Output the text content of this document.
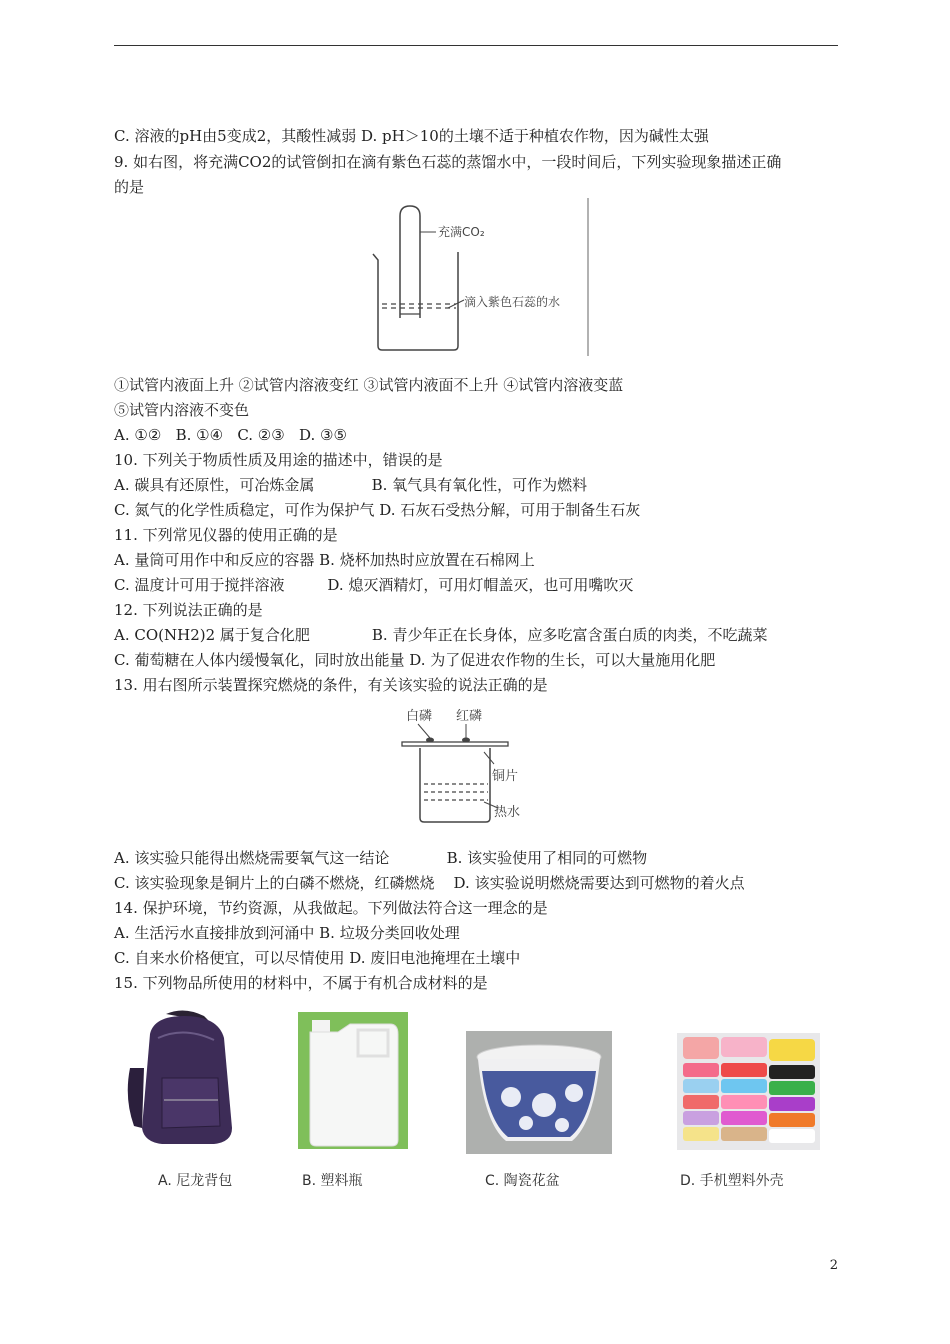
C. 溶液的pH由5变成2，其酸性减弱 D. pH＞10的土壤不适于种植农作物，因为碱性太强
9. 如右图，将充满CO2的试管倒扣在滴有紫色石蕊的蒸馏水中，一段时间后，下列实验现象描述正确
的是
充满CO₂
滴入紫色石蕊的水
①试管内液面上升 ②试管内溶液变红 ③试管内液面不上升 ④试管内溶液变蓝
⑤试管内溶液不变色
A. ①②   B. ①④   C. ②③   D. ③⑤
10. 下列关于物质性质及用途的描述中，错误的是
A. 碳具有还原性，可冶炼金属            B. 氧气具有氧化性，可作为燃料
C. 氮气的化学性质稳定，可作为保护气 D. 石灰石受热分解，可用于制备生石灰
11. 下列常见仪器的使用正确的是
A. 量筒可用作中和反应的容器 B. 烧杯加热时应放置在石棉网上
C. 温度计可用于搅拌溶液         D. 熄灭酒精灯，可用灯帽盖灭，也可用嘴吹灭
12. 下列说法正确的是
A. CO(NH2)2 属于复合化肥             B. 青少年正在长身体，应多吃富含蛋白质的肉类，不吃蔬菜
C. 葡萄糖在人体内缓慢氧化，同时放出能量 D. 为了促进农作物的生长，可以大量施用化肥
13. 用右图所示装置探究燃烧的条件，有关该实验的说法正确的是
白磷 红磷
铜片
热水
A. 该实验只能得出燃烧需要氧气这一结论            B. 该实验使用了相同的可燃物
C. 该实验现象是铜片上的白磷不燃烧，红磷燃烧    D. 该实验说明燃烧需要达到可燃物的着火点
14. 保护环境，节约资源，从我做起。下列做法符合这一理念的是
A. 生活污水直接排放到河涌中 B. 垃圾分类回收处理
C. 自来水价格便宜，可以尽情使用 D. 废旧电池掩埋在土壤中
15. 下列物品所使用的材料中，不属于有机合成材料的是
A. 尼龙背包	B. 塑料瓶	C. 陶瓷花盆	D. 手机塑料外壳
2
